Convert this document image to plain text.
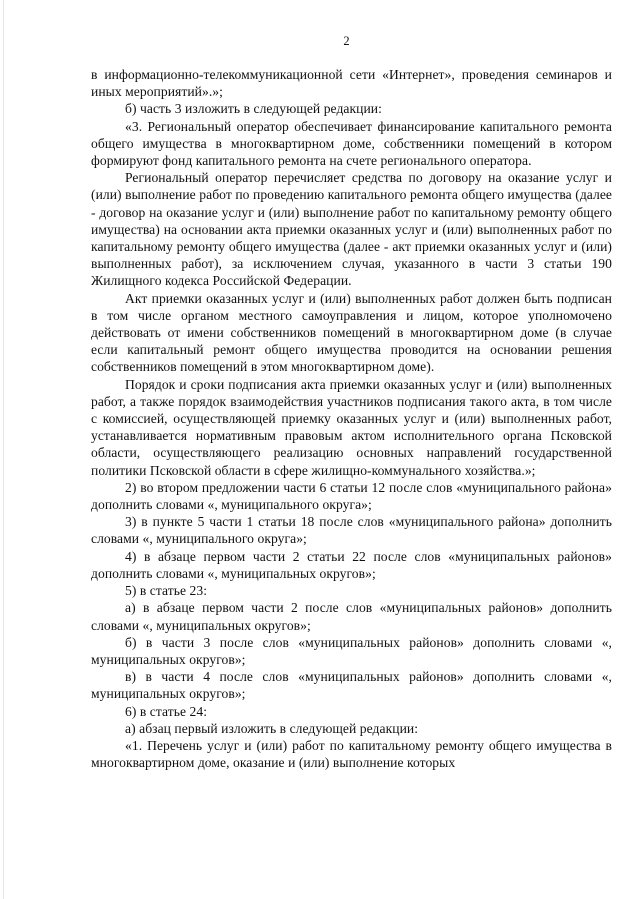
2

в информационно-телекоммуникационной сети «Интернет», проведения семинаров и иных мероприятий».»;

б) часть 3 изложить в следующей редакции:

«3. Региональный оператор обеспечивает финансирование капитального ремонта общего имущества в многоквартирном доме, собственники помещений в котором формируют фонд капитального ремонта на счете регионального оператора.

Региональный оператор перечисляет средства по договору на оказание услуг и (или) выполнение работ по проведению капитального ремонта общего имущества (далее - договор на оказание услуг и (или) выполнение работ по капитальному ремонту общего имущества) на основании акта приемки оказанных услуг и (или) выполненных работ по капитальному ремонту общего имущества (далее - акт приемки оказанных услуг и (или) выполненных работ), за исключением случая, указанного в части 3 статьи 190 Жилищного кодекса Российской Федерации.

Акт приемки оказанных услуг и (или) выполненных работ должен быть подписан в том числе органом местного самоуправления и лицом, которое уполномочено действовать от имени собственников помещений в многоквартирном доме (в случае если капитальный ремонт общего имущества проводится на основании решения собственников помещений в этом многоквартирном доме).

Порядок и сроки подписания акта приемки оказанных услуг и (или) выполненных работ, а также порядок взаимодействия участников подписания такого акта, в том числе с комиссией, осуществляющей приемку оказанных услуг и (или) выполненных работ, устанавливается нормативным правовым актом исполнительного органа Псковской области, осуществляющего реализацию основных направлений государственной политики Псковской области в сфере жилищно-коммунального хозяйства.»;

2) во втором предложении части 6 статьи 12 после слов «муниципального района» дополнить словами «, муниципального округа»;

3) в пункте 5 части 1 статьи 18 после слов «муниципального района» дополнить словами «, муниципального округа»;

4) в абзаце первом части 2 статьи 22 после слов «муниципальных районов» дополнить словами «, муниципальных округов»;

5) в статье 23:

а) в абзаце первом части 2 после слов «муниципальных районов» дополнить словами «, муниципальных округов»;

б) в части 3 после слов «муниципальных районов» дополнить словами «, муниципальных округов»;

в) в части 4 после слов «муниципальных районов» дополнить словами «, муниципальных округов»;

6) в статье 24:

а) абзац первый изложить в следующей редакции:

«1. Перечень услуг и (или) работ по капитальному ремонту общего имущества в многоквартирном доме, оказание и (или) выполнение которых
